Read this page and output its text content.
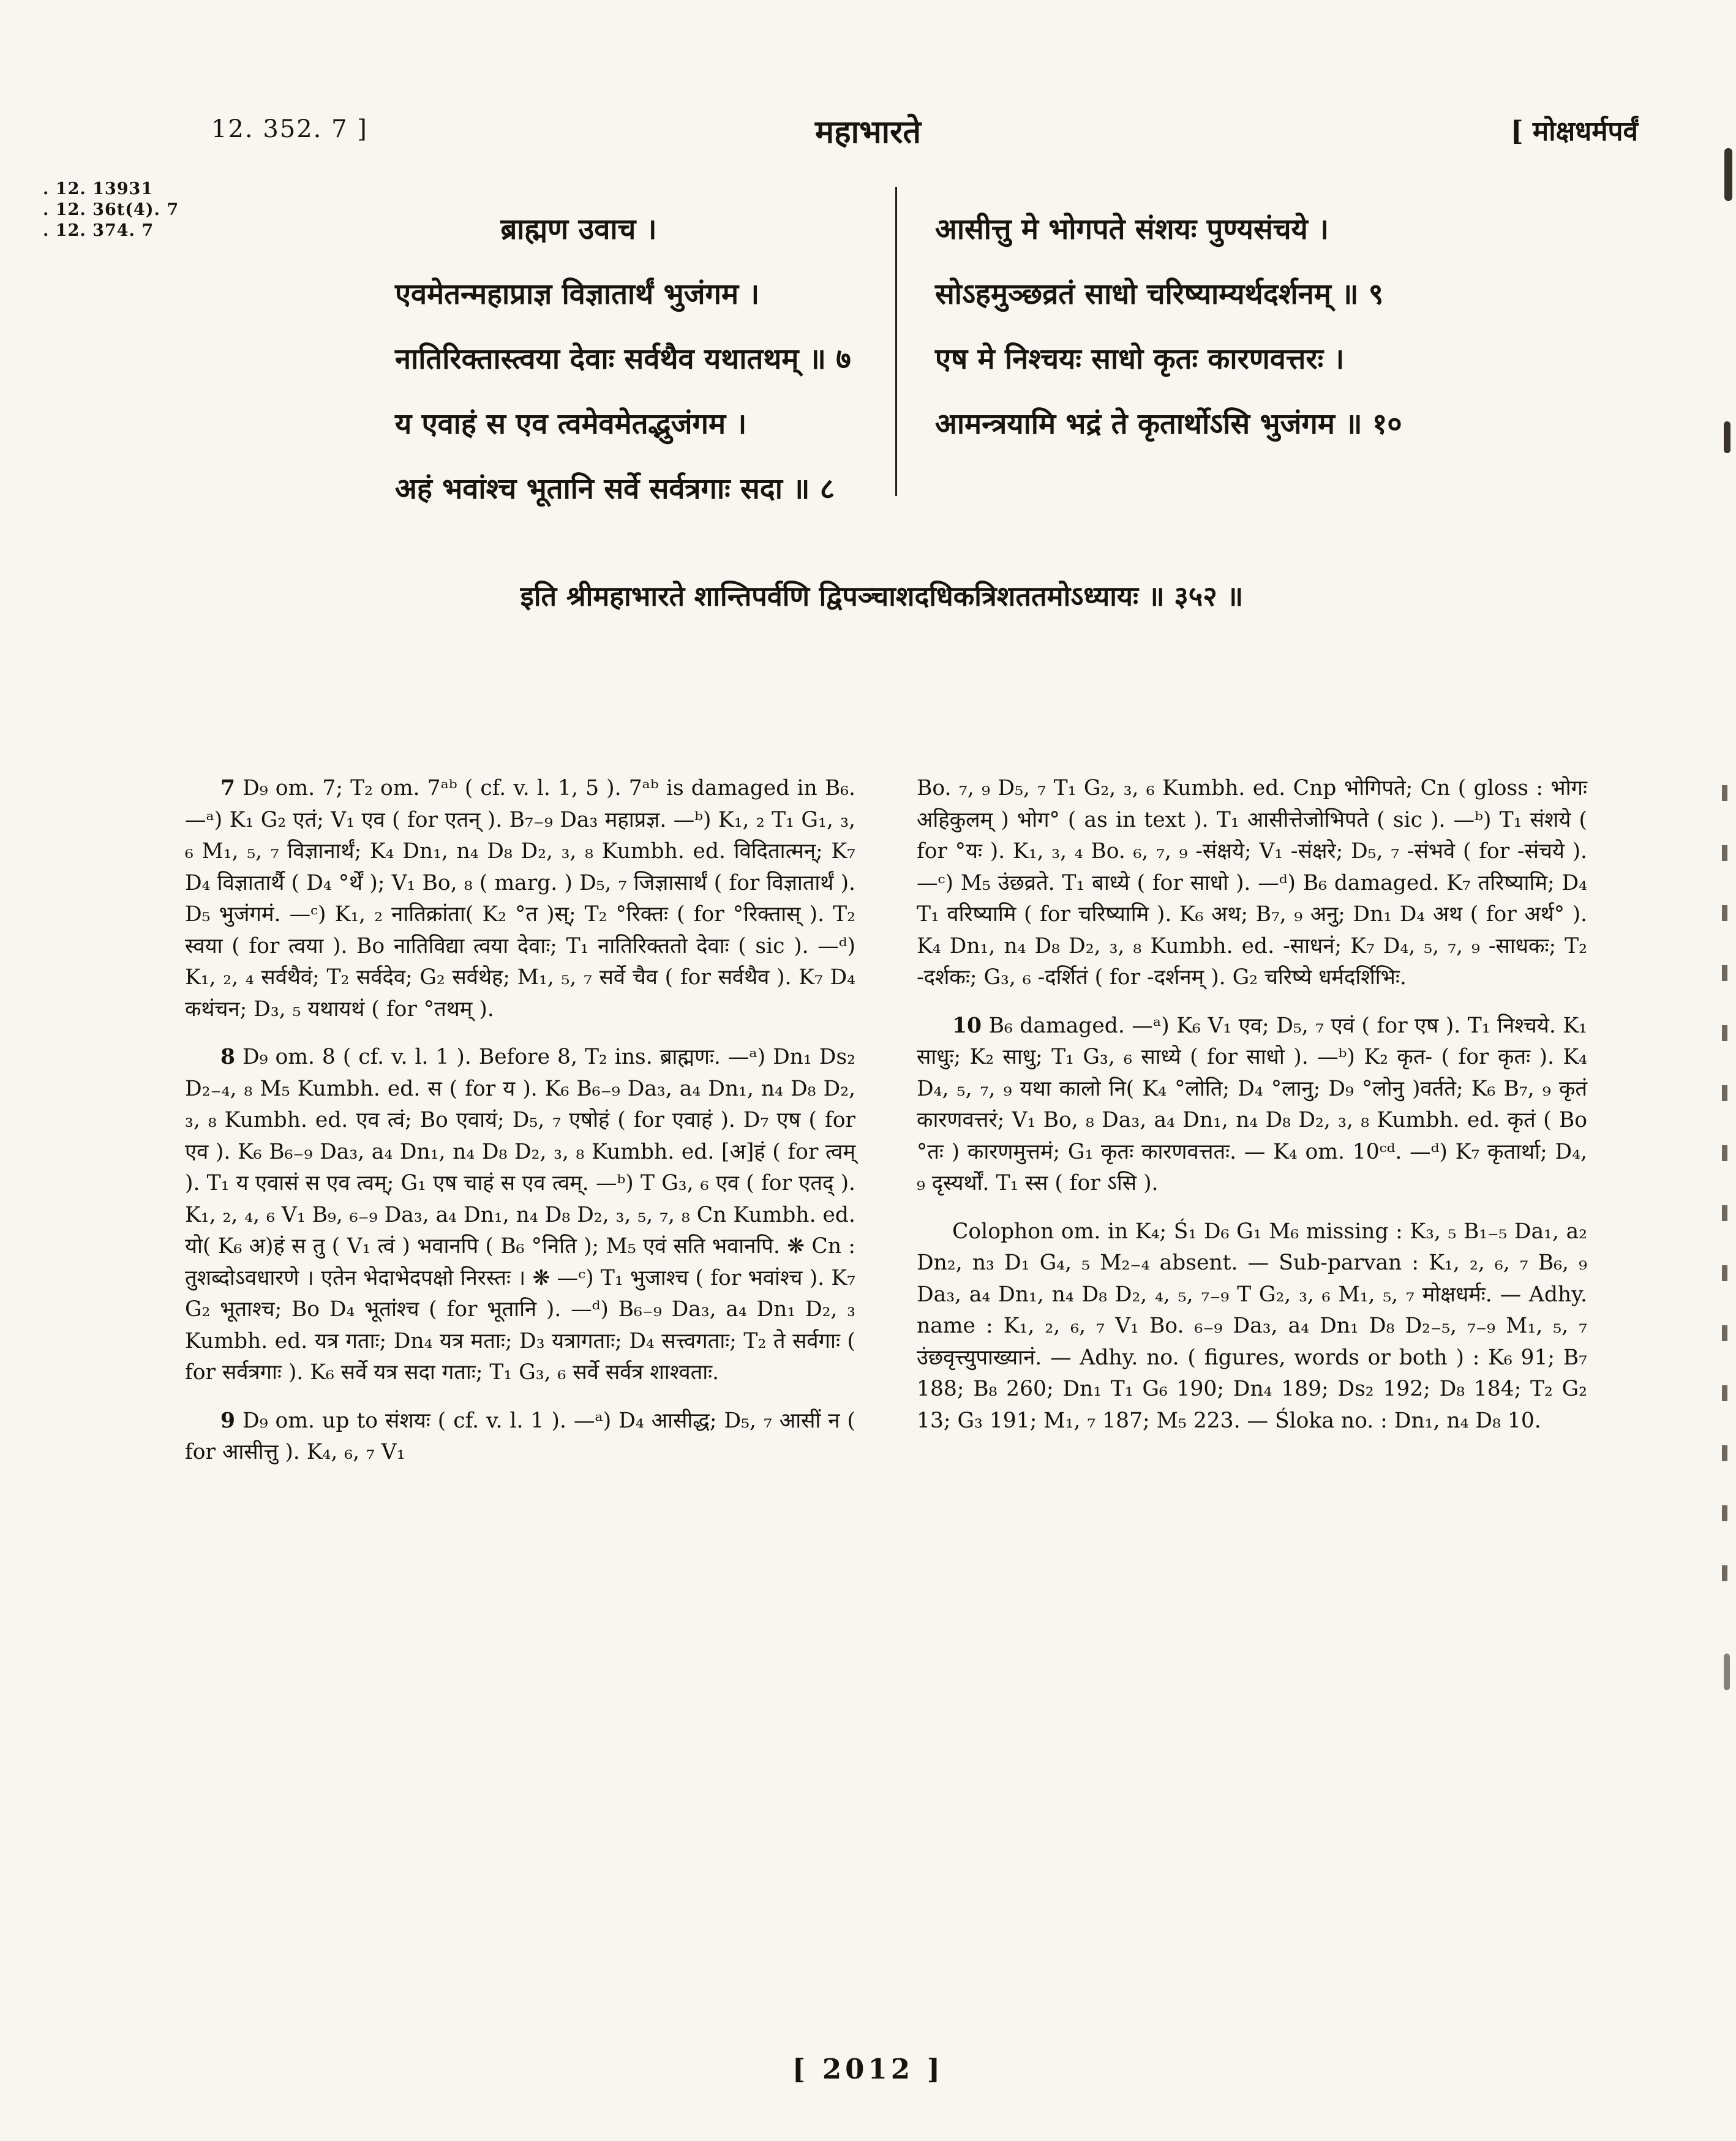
12. 352. 7 ]	महाभारते	[ मोक्षधर्मपर्वं
. 12. 13931
. 12. 36t(4). 7
. 12. 374. 7	ब्राह्मण उवाच ।
एवमेतन्महाप्राज्ञ विज्ञातार्थं भुजंगम ।
नातिरिक्तास्त्वया देवाः सर्वथैव यथातथम् ॥ ७
य एवाहं स एव त्वमेवमेतद्भुजंगम ।
अहं भवांश्च भूतानि सर्वे सर्वत्रगाः सदा ॥ ८
आसीत्तु मे भोगपते संशयः पुण्यसंचये ।
सोऽहमुञ्छव्रतं साधो चरिष्याम्यर्थदर्शनम् ॥ ९
एष मे निश्चयः साधो कृतः कारणवत्तरः ।
आमन्त्रयामि भद्रं ते कृतार्थोऽसि भुजंगम ॥ १०
इति श्रीमहाभारते शान्तिपर्वणि द्विपञ्चाशदधिकत्रिशततमोऽध्यायः ॥ ३५२ ॥

7 D₉ om. 7; T₂ om. 7ᵃᵇ ( cf. v. l. 1, 5 ). 7ᵃᵇ is damaged in B₆. —ᵃ) K₁ G₂ एतं; V₁ एव ( for एतन् ). B₇₋₉ Da₃ महाप्रज्ञ. —ᵇ) K₁, ₂ T₁ G₁, ₃, ₆ M₁, ₅, ₇ विज्ञानार्थं; K₄ Dn₁, n₄ D₈ D₂, ₃, ₈ Kumbh. ed. विदितात्मन्; K₇ D₄ विज्ञातार्थै ( D₄ °र्थें ); V₁ Bo, ₈ ( marg. ) D₅, ₇ जिज्ञासार्थं ( for विज्ञातार्थं ). D₅ भुजंगमं. —ᶜ) K₁, ₂ नातिक्रांता( K₂ °त )स्; T₂ °रिक्तः ( for °रिक्तास् ). T₂ स्वया ( for त्वया ). Bo नातिविद्या त्वया देवाः; T₁ नातिरिक्ततो देवाः ( sic ). —ᵈ) K₁, ₂, ₄ सर्वथैवं; T₂ सर्वदेव; G₂ सर्वथेह; M₁, ₅, ₇ सर्वे चैव ( for सर्वथैव ). K₇ D₄ कथंचन; D₃, ₅ यथायथं ( for °तथम् ).

8 D₉ om. 8 ( cf. v. l. 1 ). Before 8, T₂ ins. ब्राह्मणः. —ᵃ) Dn₁ Ds₂ D₂₋₄, ₈ M₅ Kumbh. ed. स ( for य ). K₆ B₆₋₉ Da₃, a₄ Dn₁, n₄ D₈ D₂, ₃, ₈ Kumbh. ed. एव त्वं; Bo एवायं; D₅, ₇ एषोहं ( for एवाहं ). D₇ एष ( for एव ). K₆ B₆₋₉ Da₃, a₄ Dn₁, n₄ D₈ D₂, ₃, ₈ Kumbh. ed. [अ]हं ( for त्वम् ). T₁ य एवासं स एव त्वम्; G₁ एष चाहं स एव त्वम्. —ᵇ) T G₃, ₆ एव ( for एतद् ). K₁, ₂, ₄, ₆ V₁ B₉, ₆₋₉ Da₃, a₄ Dn₁, n₄ D₈ D₂, ₃, ₅, ₇, ₈ Cn Kumbh. ed. यो( K₆ अ)हं स तु ( V₁ त्वं ) भवानपि ( B₆ °निति ); M₅ एवं सति भवानपि. ❋ Cn : तुशब्दोऽवधारणे । एतेन भेदाभेदपक्षो निरस्तः । ❋ —ᶜ) T₁ भुजाश्च ( for भवांश्च ). K₇ G₂ भूताश्च; Bo D₄ भूतांश्च ( for भूतानि ). —ᵈ) B₆₋₉ Da₃, a₄ Dn₁ D₂, ₃ Kumbh. ed. यत्र गताः; Dn₄ यत्र मताः; D₃ यत्रागताः; D₄ सत्त्वगताः; T₂ ते सर्वगाः ( for सर्वत्रगाः ). K₆ सर्वे यत्र सदा गताः; T₁ G₃, ₆ सर्वे सर्वत्र शाश्वताः.

9 D₉ om. up to संशयः ( cf. v. l. 1 ). —ᵃ) D₄ आसीद्ध; D₅, ₇ आसीं न ( for आसीत्तु ). K₄, ₆, ₇ V₁

Bo. ₇, ₉ D₅, ₇ T₁ G₂, ₃, ₆ Kumbh. ed. Cnp भोगिपते; Cn ( gloss : भोगः अहिकुलम् ) भोग° ( as in text ). T₁ आसीत्तेजोभिपते ( sic ). —ᵇ) T₁ संशये ( for °यः ). K₁, ₃, ₄ Bo. ₆, ₇, ₉ -संक्षये; V₁ -संक्षरे; D₅, ₇ -संभवे ( for -संचये ). —ᶜ) M₅ उंछव्रते. T₁ बाध्ये ( for साधो ). —ᵈ) B₆ damaged. K₇ तरिष्यामि; D₄ T₁ वरिष्यामि ( for चरिष्यामि ). K₆ अथ; B₇, ₉ अनु; Dn₁ D₄ अथ ( for अर्थ° ). K₄ Dn₁, n₄ D₈ D₂, ₃, ₈ Kumbh. ed. -साधनं; K₇ D₄, ₅, ₇, ₉ -साधकः; T₂ -दर्शकः; G₃, ₆ -दर्शितं ( for -दर्शनम् ). G₂ चरिष्ये धर्मदर्शिभिः.

10 B₆ damaged. —ᵃ) K₆ V₁ एव; D₅, ₇ एवं ( for एष ). T₁ निश्चये. K₁ साधुः; K₂ साधु; T₁ G₃, ₆ साध्ये ( for साधो ). —ᵇ) K₂ कृत- ( for कृतः ). K₄ D₄, ₅, ₇, ₉ यथा कालो नि( K₄ °लोति; D₄ °लानु; D₉ °लोनु )वर्तते; K₆ B₇, ₉ कृतं कारणवत्तरं; V₁ Bo, ₈ Da₃, a₄ Dn₁, n₄ D₈ D₂, ₃, ₈ Kumbh. ed. कृतं ( Bo °तः ) कारणमुत्तमं; G₁ कृतः कारणवत्ततः. — K₄ om. 10ᶜᵈ. —ᵈ) K₇ कृतार्था; D₄, ₉ दृस्यर्थों. T₁ स्स ( for ऽसि ).

Colophon om. in K₄; Ś₁ D₆ G₁ M₆ missing : K₃, ₅ B₁₋₅ Da₁, a₂ Dn₂, n₃ D₁ G₄, ₅ M₂₋₄ absent. — Sub-parvan : K₁, ₂, ₆, ₇ B₆, ₉ Da₃, a₄ Dn₁, n₄ D₈ D₂, ₄, ₅, ₇₋₉ T G₂, ₃, ₆ M₁, ₅, ₇ मोक्षधर्मः. — Adhy. name : K₁, ₂, ₆, ₇ V₁ Bo. ₆₋₉ Da₃, a₄ Dn₁ D₈ D₂₋₅, ₇₋₉ M₁, ₅, ₇ उंछवृत्त्युपाख्यानं. — Adhy. no. ( figures, words or both ) : K₆ 91; B₇ 188; B₈ 260; Dn₁ T₁ G₆ 190; Dn₄ 189; Ds₂ 192; D₈ 184; T₂ G₂ 13; G₃ 191; M₁, ₇ 187; M₅ 223. — Śloka no. : Dn₁, n₄ D₈ 10.

[ 2012 ]
